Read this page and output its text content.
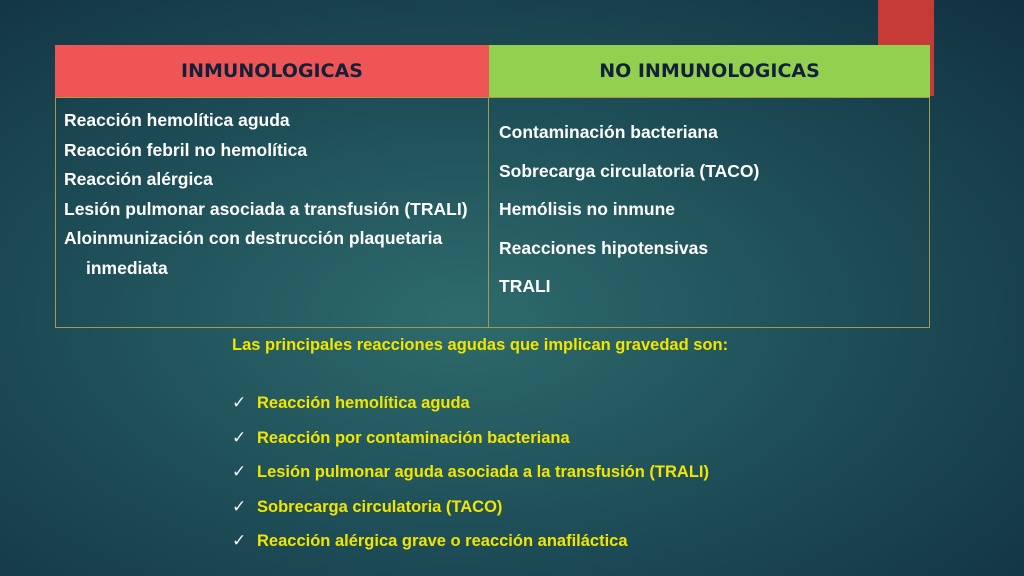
INMUNOLOGICAS	NO INMUNOLOGICAS
Reacción hemolítica aguda
Reacción febril no hemolítica
Reacción alérgica
Lesión pulmonar asociada a transfusión (TRALI)
Aloinmunización con destrucción plaquetaria inmediata
Contaminación bacteriana
Sobrecarga circulatoria (TACO)
Hemólisis no inmune
Reacciones hipotensivas
TRALI

Las principales reacciones agudas que implican gravedad son:

✓ Reacción hemolítica aguda
✓ Reacción por contaminación bacteriana
✓ Lesión pulmonar aguda asociada a la transfusión (TRALI)
✓ Sobrecarga circulatoria (TACO)
✓ Reacción alérgica grave o reacción anafiláctica
